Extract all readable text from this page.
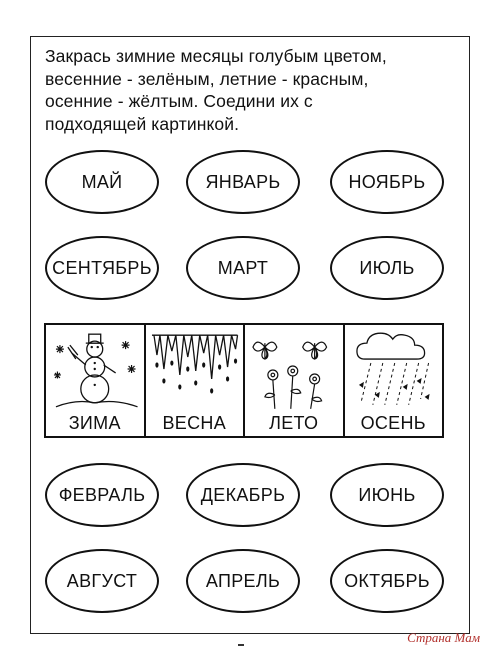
Закрась зимние месяцы голубым цветом,
весенние - зелёным, летние - красным,
осенние - жёлтым. Соедини их с
подходящей картинкой.

МАЙ	ЯНВАРЬ	НОЯБРЬ
СЕНТЯБРЬ	МАРТ	ИЮЛЬ
ЗИМА	ВЕСНА	ЛЕТО	ОСЕНЬ
ФЕВРАЛЬ	ДЕКАБРЬ	ИЮНЬ
АВГУСТ	АПРЕЛЬ	ОКТЯБРЬ
Страна Мам
